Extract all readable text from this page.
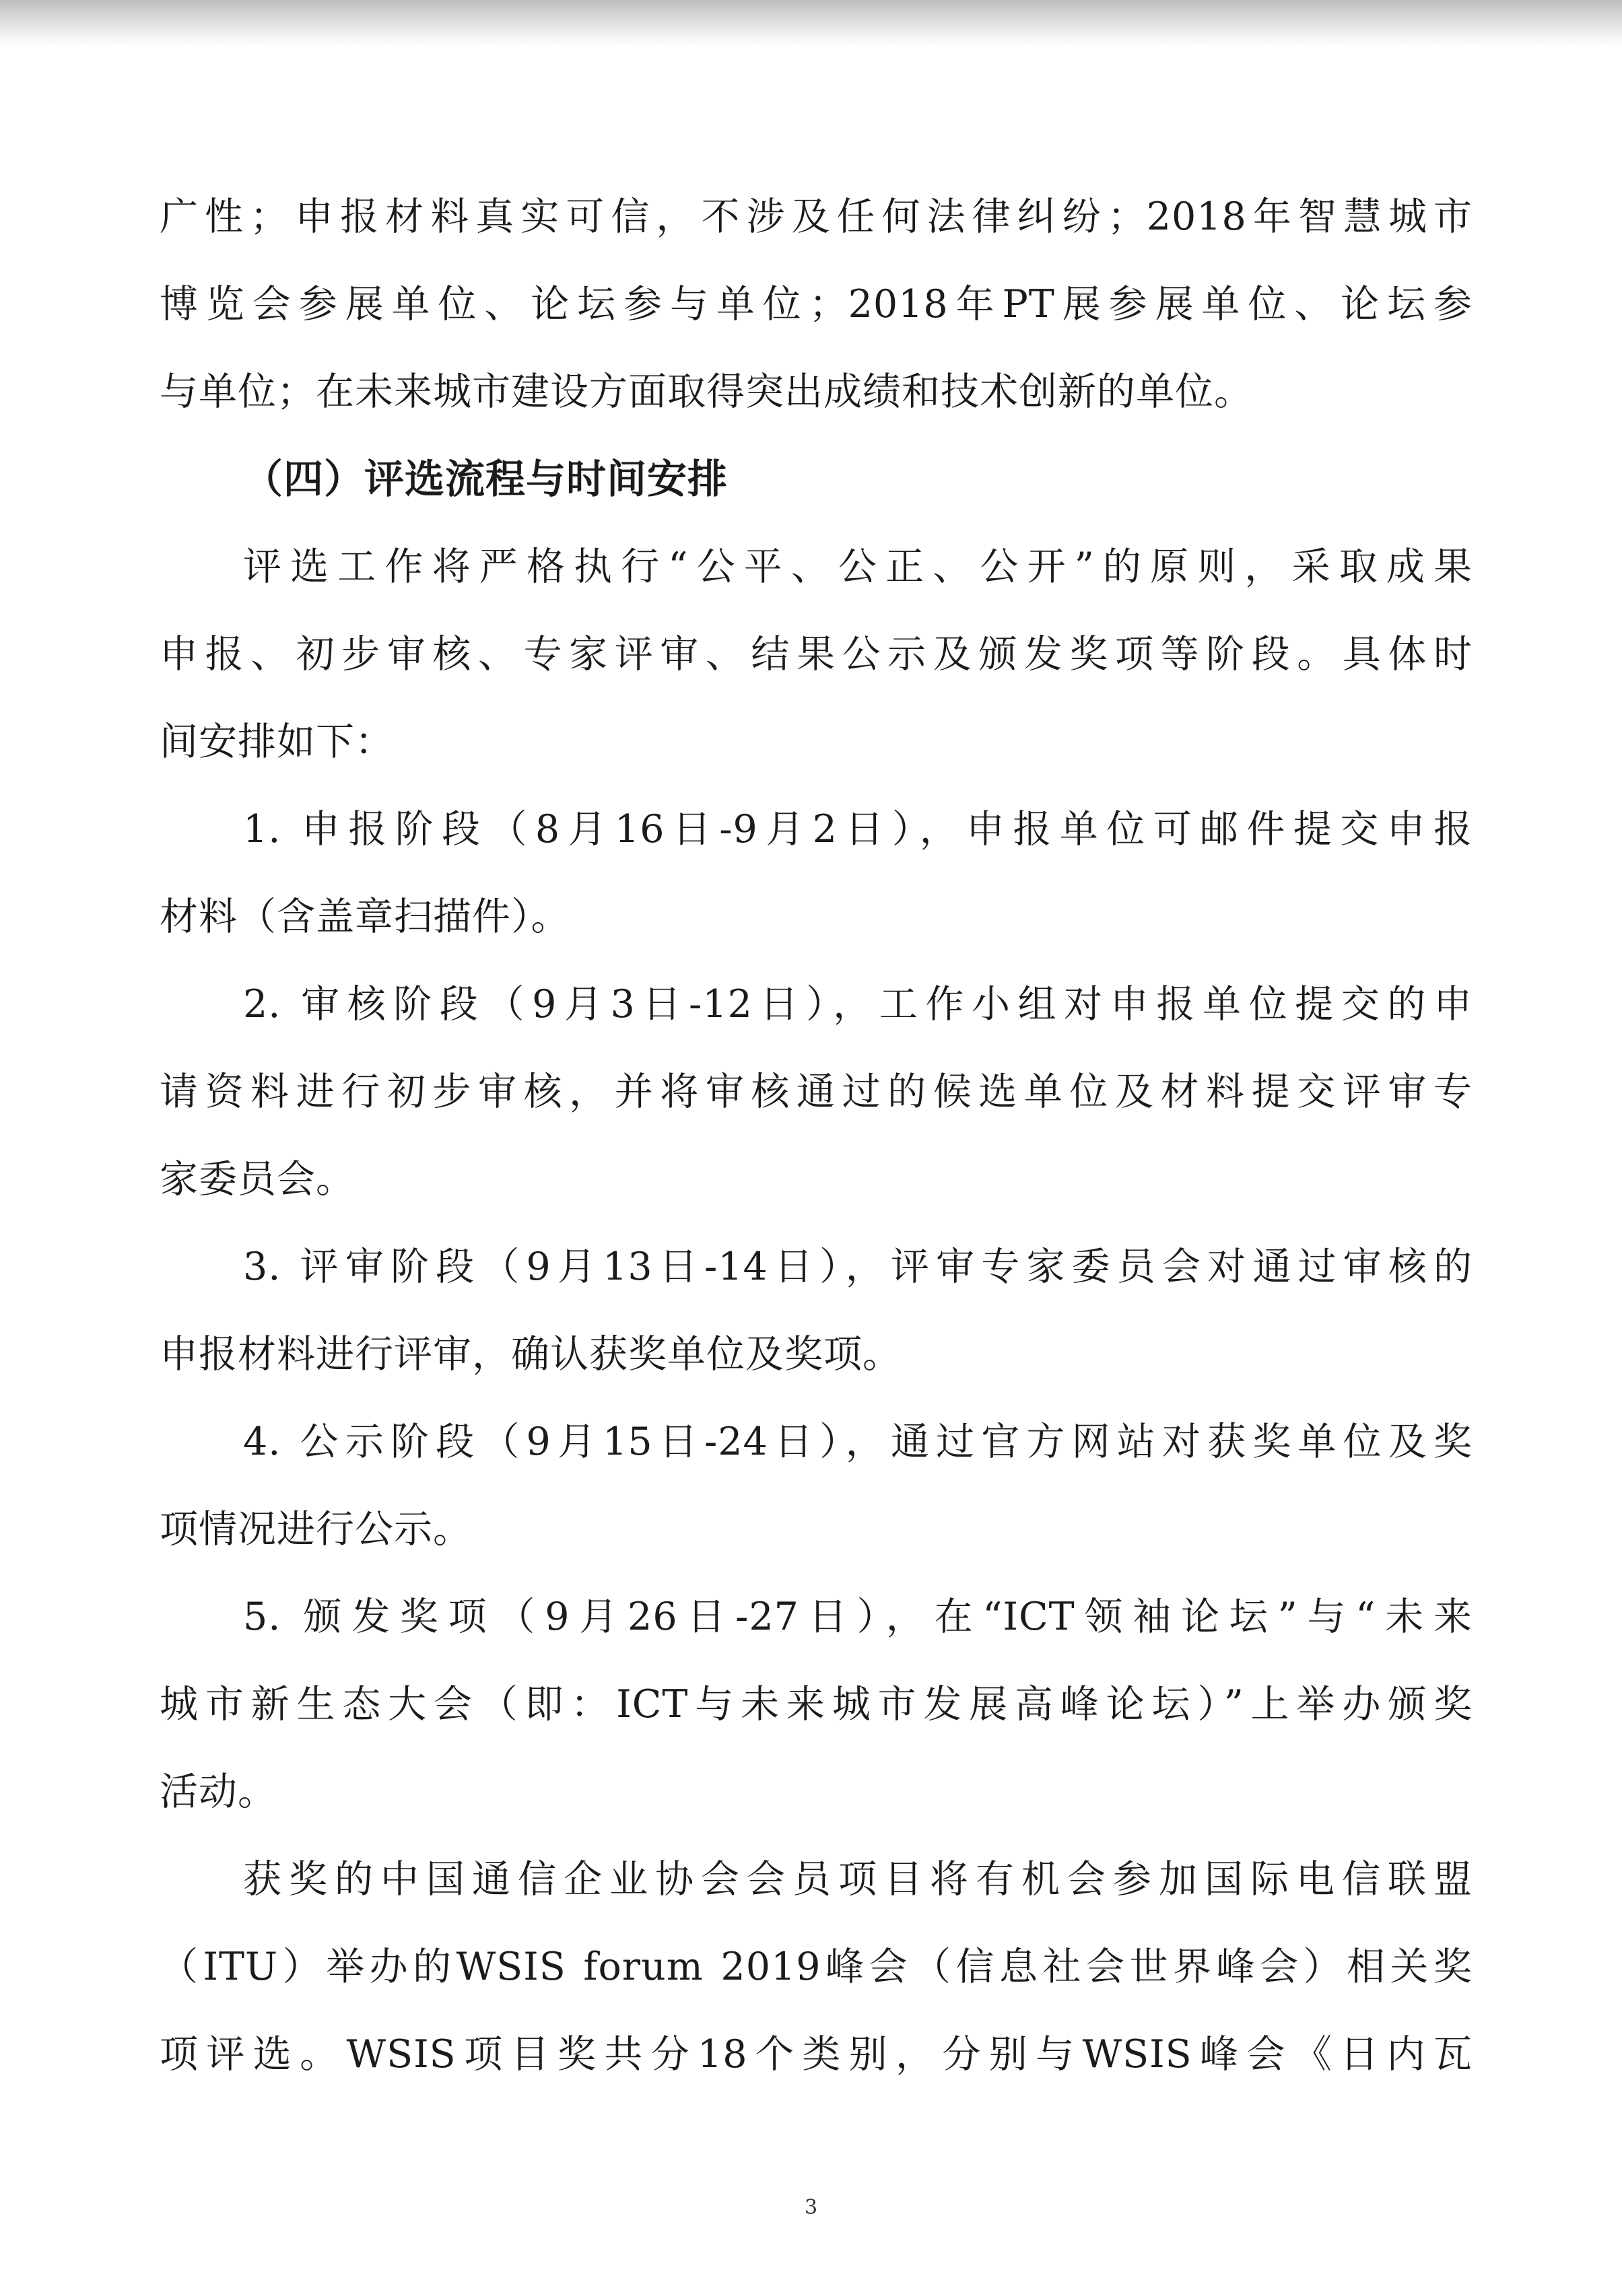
广性；申报材料真实可信，不涉及任何法律纠纷；2018年智慧城市
博览会参展单位、论坛参与单位；2018年PT展参展单位、论坛参
与单位；在未来城市建设方面取得突出成绩和技术创新的单位。
（四）评选流程与时间安排
评选工作将严格执行“公平、公正、公开”的原则，采取成果
申报、初步审核、专家评审、结果公示及颁发奖项等阶段。具体时
间安排如下：
1. 申报阶段（8月16日-9月2日），申报单位可邮件提交申报
材料（含盖章扫描件）。
2. 审核阶段（9月3日-12日），工作小组对申报单位提交的申
请资料进行初步审核，并将审核通过的候选单位及材料提交评审专
家委员会。
3. 评审阶段（9月13日-14日），评审专家委员会对通过审核的
申报材料进行评审，确认获奖单位及奖项。
4. 公示阶段（9月15日-24日），通过官方网站对获奖单位及奖
项情况进行公示。
5. 颁发奖项（9月26日-27日），在“ICT领袖论坛”与“未来
城市新生态大会（即：ICT与未来城市发展高峰论坛）”上举办颁奖
活动。
获奖的中国通信企业协会会员项目将有机会参加国际电信联盟
（ITU）举办的WSIS forum 2019峰会（信息社会世界峰会）相关奖
项评选。WSIS项目奖共分18个类别，分别与WSIS峰会《日内瓦
3
